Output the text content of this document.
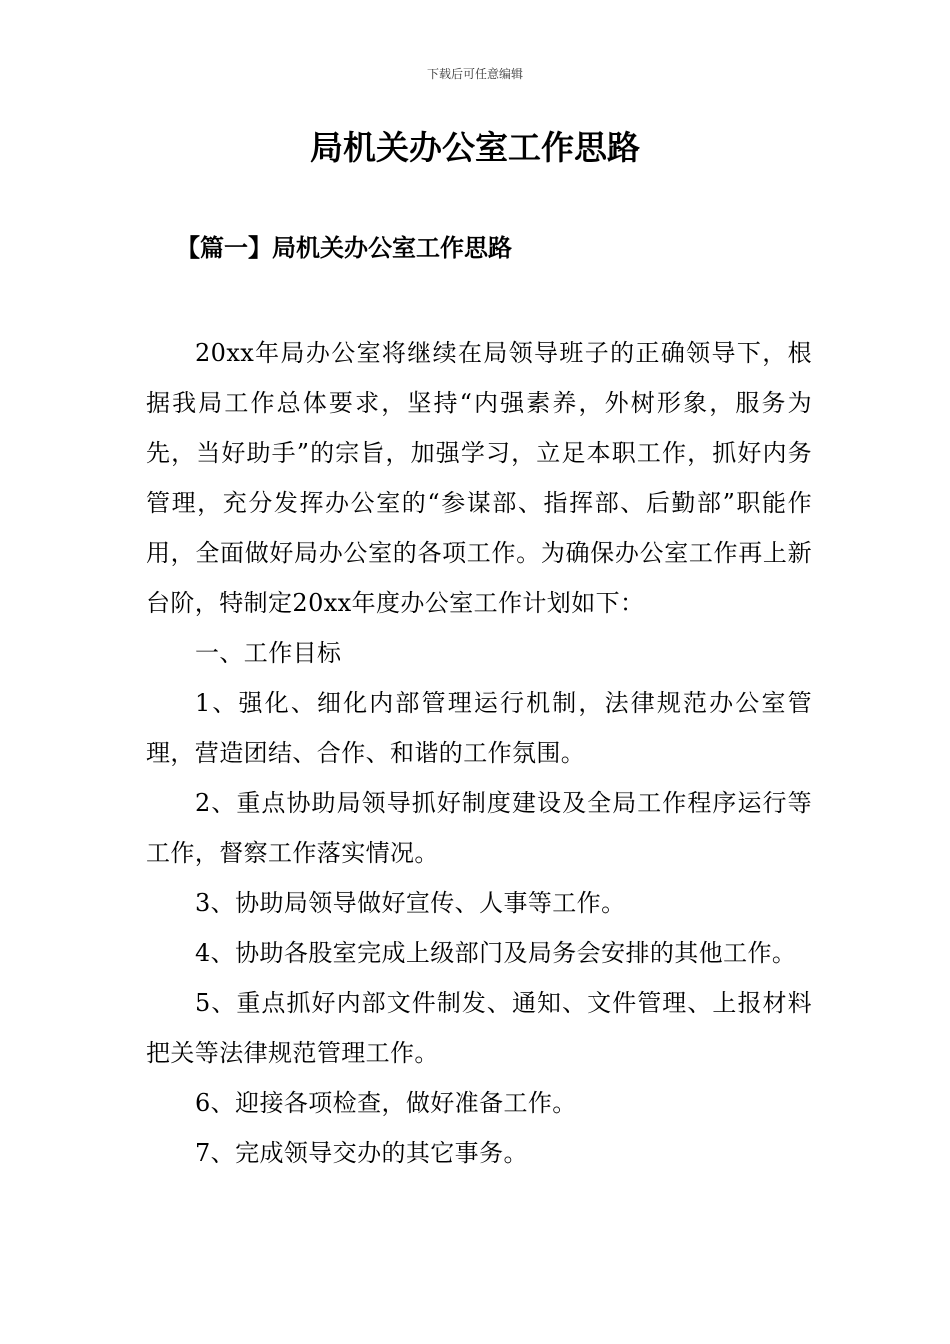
下载后可任意编辑
局机关办公室工作思路
【篇一】局机关办公室工作思路

20xx年局办公室将继续在局领导班子的正确领导下，根据我局工作总体要求，坚持“内强素养，外树形象，服务为先，当好助手”的宗旨，加强学习，立足本职工作，抓好内务管理，充分发挥办公室的“参谋部、指挥部、后勤部”职能作用，全面做好局办公室的各项工作。为确保办公室工作再上新台阶，特制定20xx年度办公室工作计划如下：

一、工作目标

1、强化、细化内部管理运行机制，法律规范办公室管理，营造团结、合作、和谐的工作氛围。

2、重点协助局领导抓好制度建设及全局工作程序运行等工作，督察工作落实情况。

3、协助局领导做好宣传、人事等工作。

4、协助各股室完成上级部门及局务会安排的其他工作。

5、重点抓好内部文件制发、通知、文件管理、上报材料把关等法律规范管理工作。

6、迎接各项检查，做好准备工作。

7、完成领导交办的其它事务。
